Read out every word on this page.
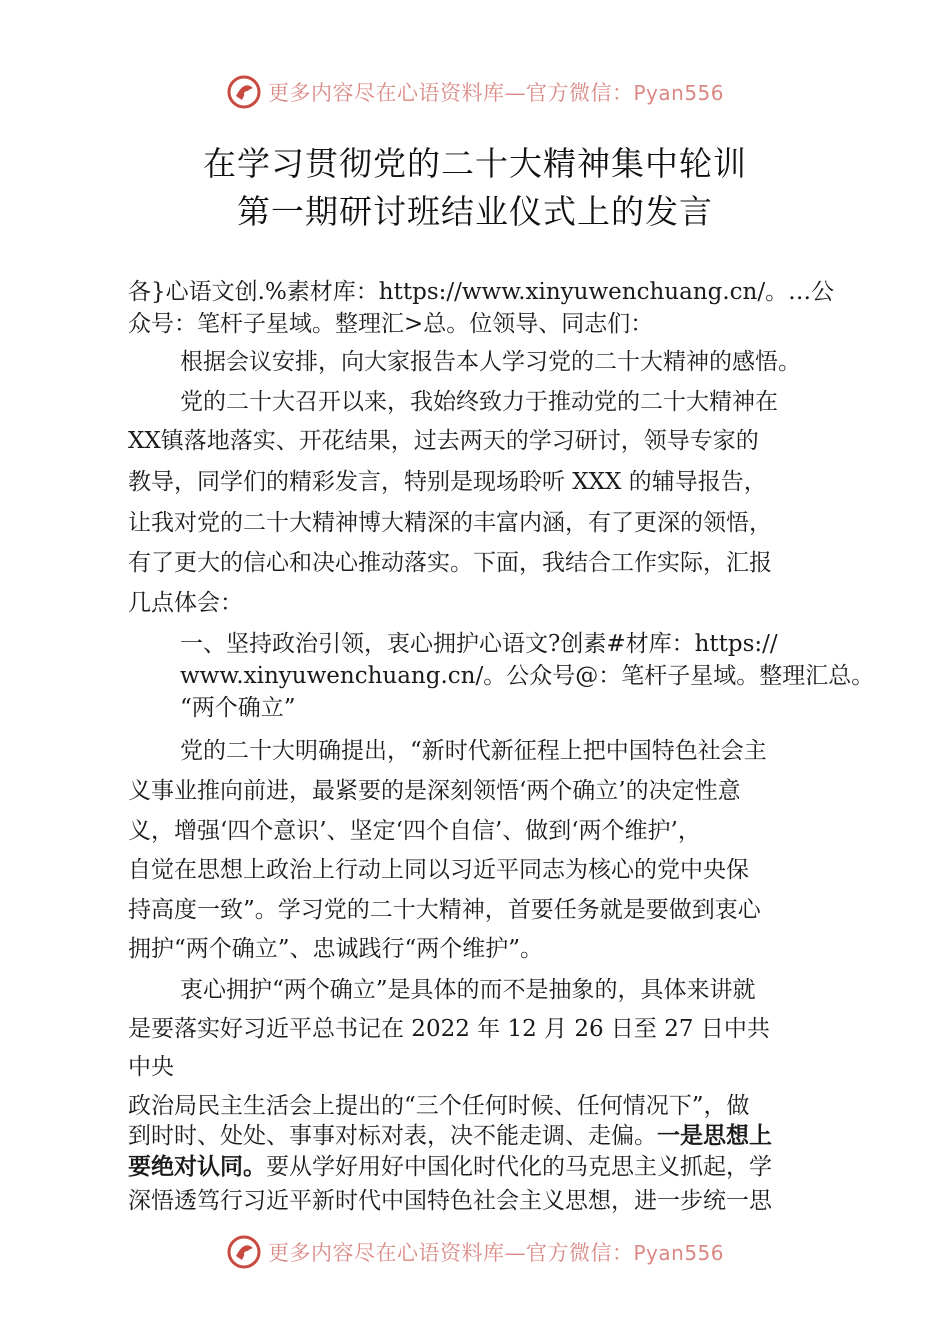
更多内容尽在心语资料库—官方微信：Pyan556
在学习贯彻党的二十大精神集中轮训
第一期研讨班结业仪式上的发言
各}心语文创.%素材库：https://www.xinyuwenchuang.cn/。…公
众号：笔杆子星域。整理汇>总。位领导、同志们：
根据会议安排，向大家报告本人学习党的二十大精神的感悟。
党的二十大召开以来，我始终致力于推动党的二十大精神在
XX镇落地落实、开花结果，过去两天的学习研讨，领导专家的
教导，同学们的精彩发言，特别是现场聆听 XXX 的辅导报告，
让我对党的二十大精神博大精深的丰富内涵，有了更深的领悟，
有了更大的信心和决心推动落实。下面，我结合工作实际，汇报
几点体会：
一、坚持政治引领，衷心拥护心语文?创素#材库：https://
www.xinyuwenchuang.cn/。公众号@：笔杆子星域。整理汇总。
“两个确立”
党的二十大明确提出，“新时代新征程上把中国特色社会主
义事业推向前进，最紧要的是深刻领悟‘两个确立’的决定性意
义，增强‘四个意识’、坚定‘四个自信’、做到‘两个维护’，
自觉在思想上政治上行动上同以习近平同志为核心的党中央保
持高度一致”。学习党的二十大精神，首要任务就是要做到衷心
拥护“两个确立”、忠诚践行“两个维护”。
衷心拥护“两个确立”是具体的而不是抽象的，具体来讲就
是要落实好习近平总书记在 2022 年 12 月 26 日至 27 日中共
中央
政治局民主生活会上提出的“三个任何时候、任何情况下”，做
到时时、处处、事事对标对表，决不能走调、走偏。一是思想上
要绝对认同。要从学好用好中国化时代化的马克思主义抓起，学
深悟透笃行习近平新时代中国特色社会主义思想，进一步统一思
更多内容尽在心语资料库—官方微信：Pyan556
